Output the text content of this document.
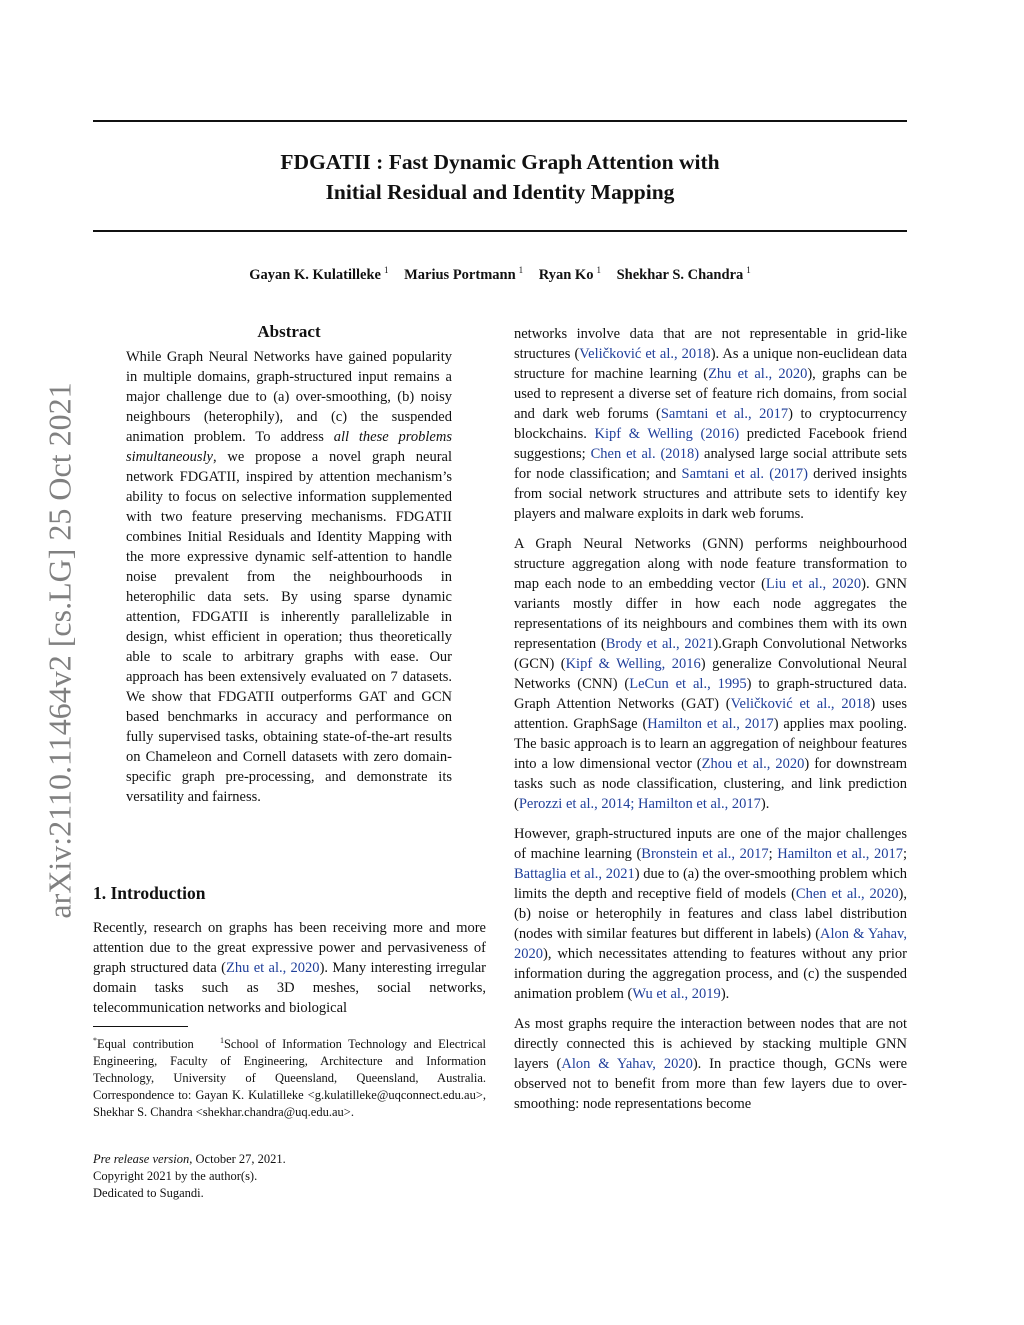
arXiv:2110.11464v2 [cs.LG] 25 Oct 2021
FDGATII : Fast Dynamic Graph Attention with
Initial Residual and Identity Mapping
Gayan K. Kulatilleke $^1$ Marius Portmann $^1$ Ryan Ko $^1$ Shekhar S. Chandra $^1$
Abstract
While Graph Neural Networks have gained popularity in multiple domains, graph-structured input remains a major challenge due to (a) over-smoothing, (b) noisy neighbours (heterophily), and (c) the suspended animation problem. To address all these problems simultaneously, we propose a novel graph neural network FDGATII, inspired by attention mechanism’s ability to focus on selective information supplemented with two feature preserving mechanisms. FDGATII combines Initial Residuals and Identity Mapping with the more expressive dynamic self-attention to handle noise prevalent from the neighbourhoods in heterophilic data sets. By using sparse dynamic attention, FDGATII is inherently parallelizable in design, whist efficient in operation; thus theoretically able to scale to arbitrary graphs with ease. Our approach has been extensively evaluated on 7 datasets. We show that FDGATII outperforms GAT and GCN based benchmarks in accuracy and performance on fully supervised tasks, obtaining state-of-the-art results on Chameleon and Cornell datasets with zero domain-specific graph pre-processing, and demonstrate its versatility and fairness.
1. Introduction
Recently, research on graphs has been receiving more and more attention due to the great expressive power and pervasiveness of graph structured data (Zhu et al., 2020). Many interesting irregular domain tasks such as 3D meshes, social networks, telecommunication networks and biological
*Equal contribution	$^1$School of Information Technology and Electrical Engineering, Faculty of Engineering, Architecture and Information Technology, University of Queensland, Queensland, Australia. Correspondence to: Gayan K. Kulatilleke <g.kulatilleke@uqconnect.edu.au>, Shekhar S. Chandra <shekhar.chandra@uq.edu.au>.
Pre release version, October 27, 2021.
Copyright 2021 by the author(s).
Dedicated to Sugandi.

networks involve data that are not representable in grid-like structures (Veličković et al., 2018). As a unique non-euclidean data structure for machine learning (Zhu et al., 2020), graphs can be used to represent a diverse set of feature rich domains, from social and dark web forums (Samtani et al., 2017) to cryptocurrency blockchains. Kipf & Welling (2016) predicted Facebook friend suggestions; Chen et al. (2018) analysed large social attribute sets for node classification; and Samtani et al. (2017) derived insights from social network structures and attribute sets to identify key players and malware exploits in dark web forums.

A Graph Neural Networks (GNN) performs neighbourhood structure aggregation along with node feature transformation to map each node to an embedding vector (Liu et al., 2020). GNN variants mostly differ in how each node aggregates the representations of its neighbours and combines them with its own representation (Brody et al., 2021).Graph Convolutional Networks (GCN) (Kipf & Welling, 2016) generalize Convolutional Neural Networks (CNN) (LeCun et al., 1995) to graph-structured data. Graph Attention Networks (GAT) (Veličković et al., 2018) uses attention. GraphSage (Hamilton et al., 2017) applies max pooling. The basic approach is to learn an aggregation of neighbour features into a low dimensional vector (Zhou et al., 2020) for downstream tasks such as node classification, clustering, and link prediction (Perozzi et al., 2014; Hamilton et al., 2017).

However, graph-structured inputs are one of the major challenges of machine learning (Bronstein et al., 2017; Hamilton et al., 2017; Battaglia et al., 2021) due to (a) the over-smoothing problem which limits the depth and receptive field of models (Chen et al., 2020), (b) noise or heterophily in features and class label distribution (nodes with similar features but different in labels) (Alon & Yahav, 2020), which necessitates attending to features without any prior information during the aggregation process, and (c) the suspended animation problem (Wu et al., 2019).

As most graphs require the interaction between nodes that are not directly connected this is achieved by stacking multiple GNN layers (Alon & Yahav, 2020). In practice though, GCNs were observed not to benefit from more than few layers due to over-smoothing: node representations become
